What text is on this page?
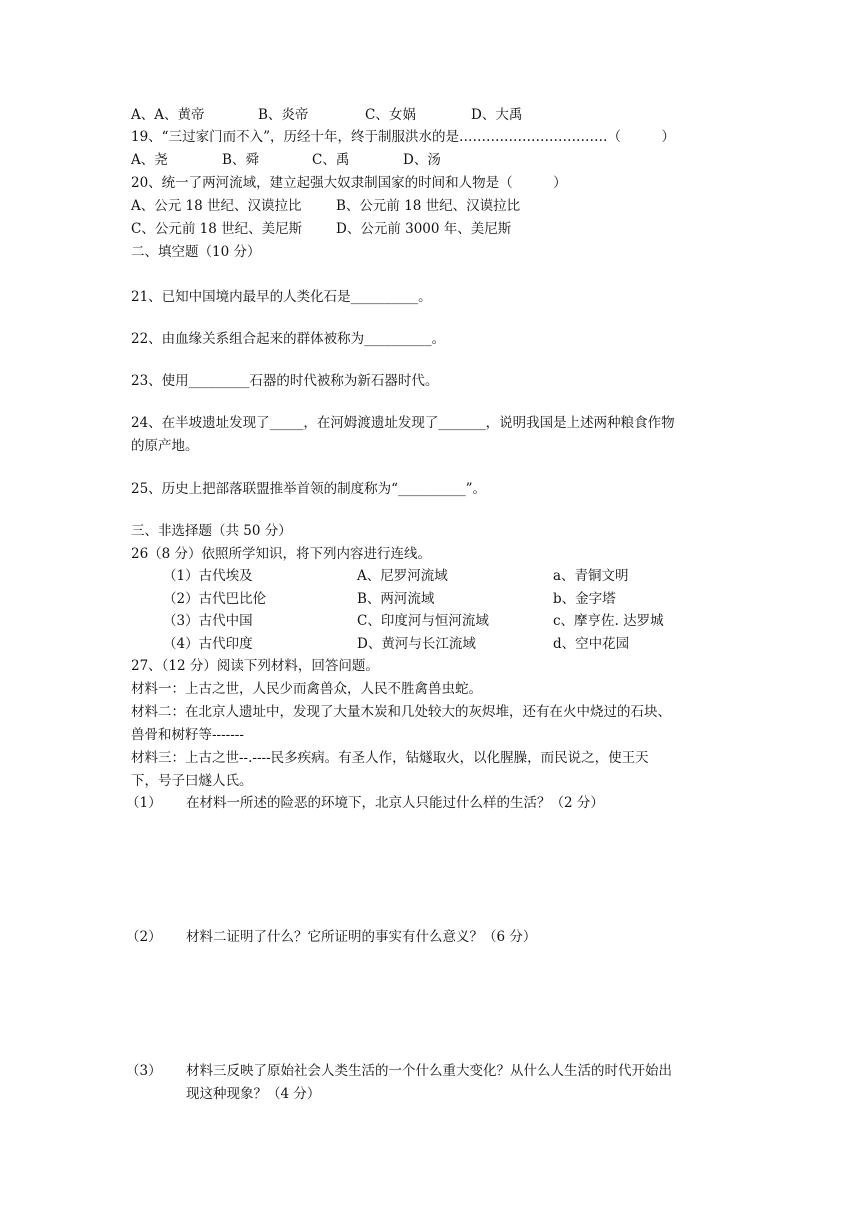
A、A、黄帝	B、炎帝	C、女娲	D、大禹
19、“三过家门而不入”，历经十年，终于制服洪水的是……………………………（　　　）
A、尧	B、舜	C、禹	D、汤
20、统一了两河流域，建立起强大奴隶制国家的时间和人物是（　　　）
A、公元 18 世纪、汉谟拉比	B、公元前 18 世纪、汉谟拉比
C、公元前 18 世纪、美尼斯	D、公元前 3000 年、美尼斯
二、填空题（10 分）
21、已知中国境内最早的人类化石是__________。
22、由血缘关系组合起来的群体被称为__________。
23、使用_________石器的时代被称为新石器时代。
24、在半坡遗址发现了_____，在河姆渡遗址发现了_______，说明我国是上述两种粮食作物
的原产地。
25、历史上把部落联盟推举首领的制度称为“__________”。
三、非选择题（共 50 分）
26（8 分）依照所学知识，将下列内容进行连线。
（1）古代埃及	A、尼罗河流域	a、青铜文明
（2）古代巴比伦	B、两河流域	b、金字塔
（3）古代中国	C、印度河与恒河流域	c、摩亨佐. 达罗城
（4）古代印度	D、黄河与长江流域	d、空中花园
27、（12 分）阅读下列材料，回答问题。
材料一：上古之世，人民少而禽兽众，人民不胜禽兽虫蛇。
材料二：在北京人遗址中，发现了大量木炭和几处较大的灰烬堆，还有在火中烧过的石块、
兽骨和树籽等-------
材料三：上古之世--.----民多疾病。有圣人作，钻燧取火，以化腥臊，而民说之，使王天
下，号子曰燧人氏。
（1） 在材料一所述的险恶的环境下，北京人只能过什么样的生活？（2 分）
（2） 材料二证明了什么？它所证明的事实有什么意义？（6 分）
（3） 材料三反映了原始社会人类生活的一个什么重大变化？从什么人生活的时代开始出
现这种现象？（4 分）
